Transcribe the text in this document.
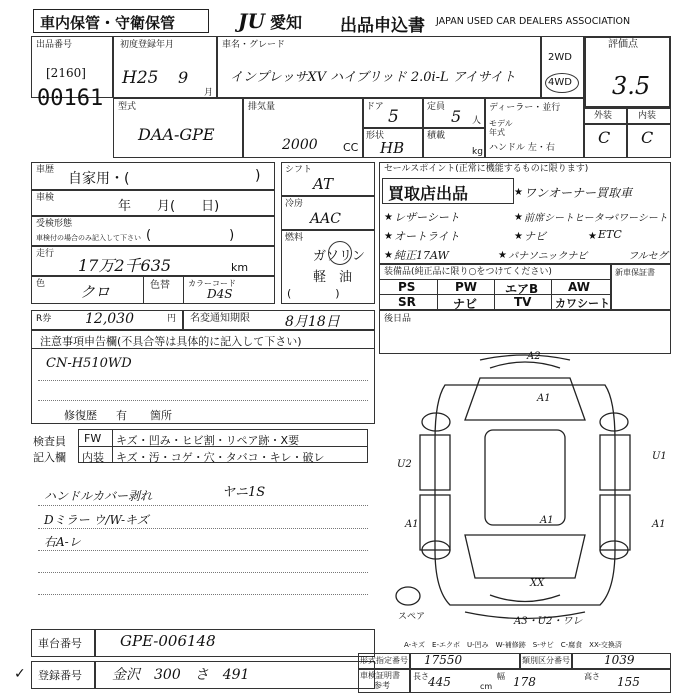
車内保管・守衛保管	JU 愛知 出品申込書 JAPAN USED CAR DEALERS ASSOCIATION
出品番号
[2160]
00161
初度登録年月
H25 9
月
車名・グレード
インプレッサXV ハイブリッド 2.0i-L アイサイト
2WD
4WD
評価点
3.5
型式
DAA-GPE
排気量
2000 CC
ドア 5	定員 5 人
形状
HB
積載
kg
ディーラー・並行
モデル
年式
ハンドル 左・右
外装	内装
C C
車歴
自家用・(	)
車検
年　　月(　　日)
受検形態
車検付の場合のみ記入して下さい (　　　　　　)
走行
17万2千635	km
色 クロ	色替 カラーコード
D4S
シフト
AT
冷房
AAC
燃料
ガソリン
軽　油
(　　　　)
セールスポイント(正常に機能するものに限ります)
買取店出品	★ ワンオーナー買取車
★ レザーシート	★ 前席シートヒーター
パワーシート
★ オートライト	★ ナビ	★ ETC
★ 純正17AW	★ パナソニックナビ	フルセグ
装備品(純正品に限り○をつけてください)	新車保証書
PS	PW エアB AW
SR	ナビ	TV カワシート
R券 12,030	円 名変通知期限	8月18日	後日品
注意事項申告欄(不具合等は具体的に記入して下さい)
CN-H510WD
修復歴 有 箇所
検査員
記入欄
FW キズ・凹み・ヒビ割・リペア跡・X要
内装 キズ・汚・コゲ・穴・タバコ・キレ・破レ
ハンドルカバー剥れ	ヤニ1S
Dミラー ウ/W-キズ
右A-レ
A2
A1
A1
U2
U1
A1
A1
XX
A3・U2・ワレ
スペア
A-キズ　E-エクボ　U-凹み　W-補修跡　S-サビ　C-腐食　XX-交換済
車台番号	GPE-006148
登録番号 金沢　300　さ　491
✓
形式指定番号 17550	類別区分番号	1039
車検証明書
参考
長さ 445	cm
幅 178	高さ 155
